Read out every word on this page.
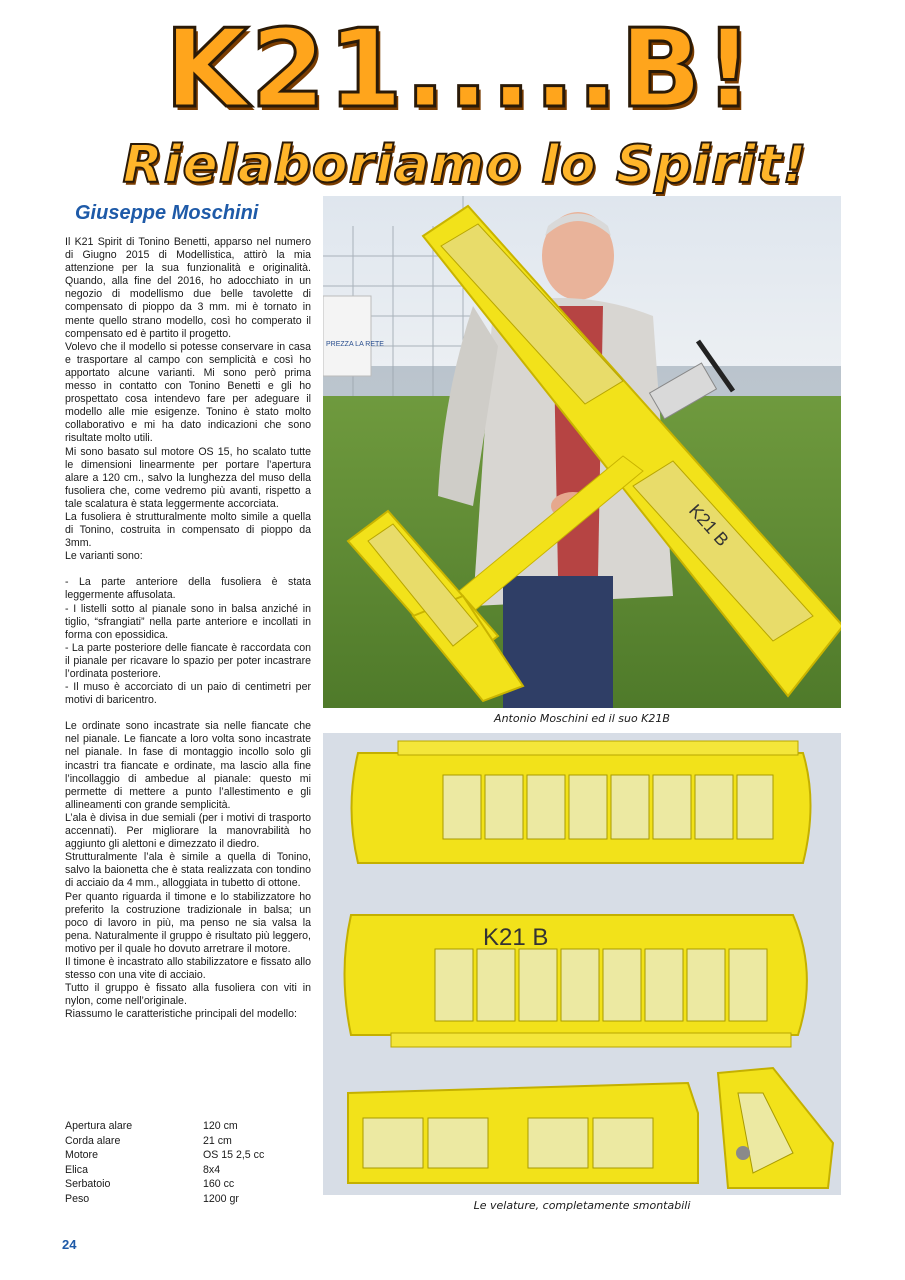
K21.....B!
Rielaboriamo lo Spirit!
Giuseppe Moschini

Il K21 Spirit di Tonino Benetti, apparso nel numero di Giugno 2015 di Modellistica, attirò la mia attenzione per la sua funzionalità e originalità. Quando, alla fine del 2016, ho adocchiato in un negozio di modellismo due belle tavolette di compensato di pioppo da 3 mm. mi è tornato in mente quello strano modello, così ho comperato il compensato ed è partito il progetto.

Volevo che il modello si potesse conservare in casa e trasportare al campo con semplicità e così ho apportato alcune varianti. Mi sono però prima messo in contatto con Tonino Benetti e gli ho prospettato cosa intendevo fare per adeguare il modello alle mie esigenze. Tonino è stato molto collaborativo e mi ha dato indicazioni che sono risultate molto utili.

Mi sono basato sul motore OS 15, ho scalato tutte le dimensioni linearmente per portare l’apertura alare a 120 cm., salvo la lunghezza del muso della fusoliera che, come vedremo più avanti, rispetto a tale scalatura è stata leggermente accorciata.

La fusoliera è strutturalmente molto simile a quella di Tonino, costruita in compensato di pioppo da 3mm.

Le varianti sono:

- La parte anteriore della fusoliera è stata leggermente affusolata.

- I listelli sotto al pianale sono in balsa anziché in tiglio, “sfrangiati” nella parte anteriore e incollati in forma con epossidica.

- La parte posteriore delle fiancate è raccordata con il pianale per ricavare lo spazio per poter incastrare l’ordinata posteriore.

- Il muso è accorciato di un paio di centimetri per motivi di baricentro.

Le ordinate sono incastrate sia nelle fiancate che nel pianale. Le fiancate a loro volta sono incastrate nel pianale. In fase di montaggio incollo solo gli incastri tra fiancate e ordinate, ma lascio alla fine l’incollaggio di ambedue al pianale: questo mi permette di mettere a punto l’allestimento e gli allineamenti con grande semplicità.

L’ala è divisa in due semiali (per i motivi di trasporto accennati). Per migliorare la manovrabilità ho aggiunto gli alettoni e dimezzato il diedro.

Strutturalmente l’ala è simile a quella di Tonino, salvo la baionetta che è stata realizzata con tondino di acciaio da 4 mm., alloggiata in tubetto di ottone.

Per quanto riguarda il timone e lo stabilizzatore ho preferito la costruzione tradizionale in balsa; un poco di lavoro in più, ma penso ne sia valsa la pena. Naturalmente il gruppo è risultato più leggero, motivo per il quale ho dovuto arretrare il motore.

Il timone è incastrato allo stabilizzatore e fissato allo stesso con una vite di acciaio.

Tutto il gruppo è fissato alla fusoliera con viti in nylon, come nell’originale.

Riassumo le caratteristiche principali del modello:

Apertura alare	120 cm
Corda alare	21 cm
Motore	OS 15 2,5 cc
Elica	8x4
Serbatoio	160 cc
Peso	1200 gr
24
PREZZA LA RETE
K21 B
Antonio Moschini ed il suo K21B
K21 B
Le velature, completamente smontabili
